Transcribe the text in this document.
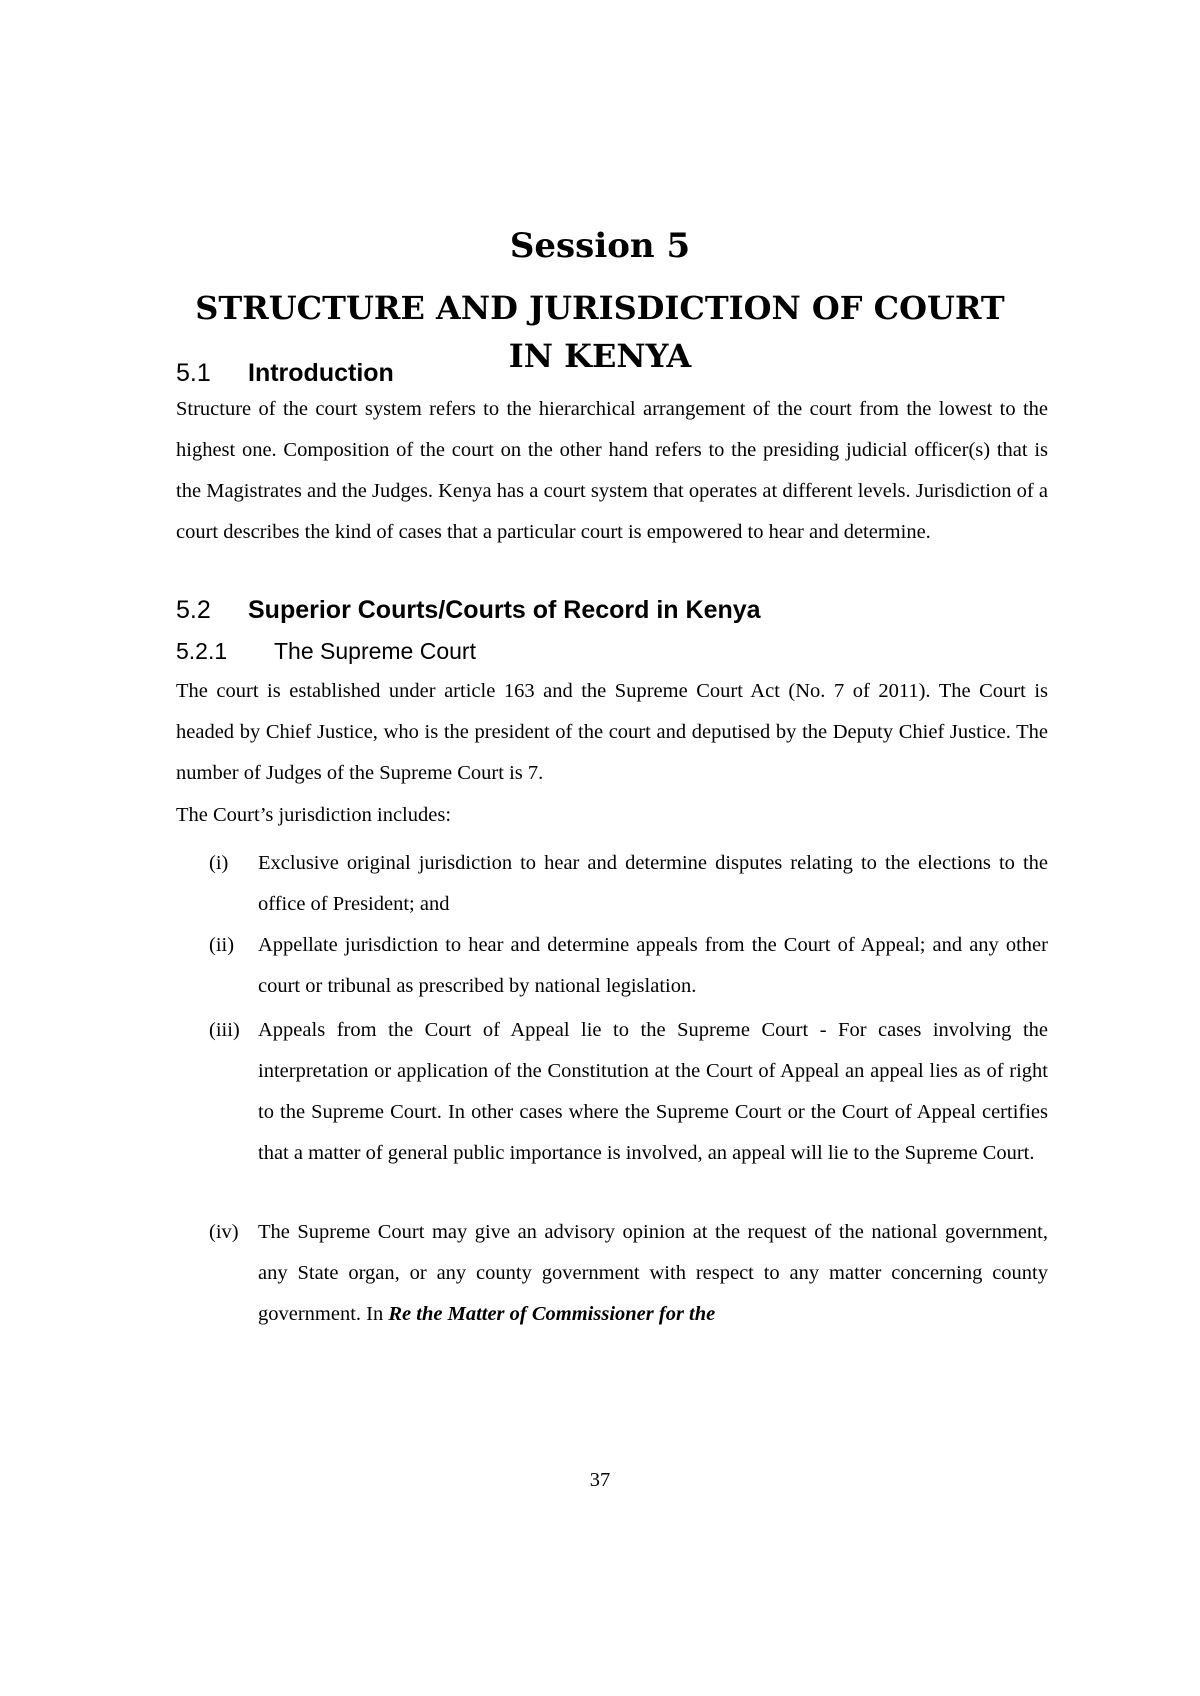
Session 5
STRUCTURE AND JURISDICTION OF COURT IN KENYA
5.1 Introduction

Structure of the court system refers to the hierarchical arrangement of the court from the lowest to the highest one. Composition of the court on the other hand refers to the presiding judicial officer(s) that is the Magistrates and the Judges. Kenya has a court system that operates at different levels. Jurisdiction of a court describes the kind of cases that a particular court is empowered to hear and determine.

5.2 Superior Courts/Courts of Record in Kenya
5.2.1 The Supreme Court

The court is established under article 163 and the Supreme Court Act (No. 7 of 2011). The Court is headed by Chief Justice, who is the president of the court and deputised by the Deputy Chief Justice. The number of Judges of the Supreme Court is 7.

The Court’s jurisdiction includes:

(i) Exclusive original jurisdiction to hear and determine disputes relating to the elections to the office of President; and
(ii) Appellate jurisdiction to hear and determine appeals from the Court of Appeal; and any other court or tribunal as prescribed by national legislation.
(iii) Appeals from the Court of Appeal lie to the Supreme Court - For cases involving the interpretation or application of the Constitution at the Court of Appeal an appeal lies as of right to the Supreme Court. In other cases where the Supreme Court or the Court of Appeal certifies that a matter of general public importance is involved, an appeal will lie to the Supreme Court.
(iv) The Supreme Court may give an advisory opinion at the request of the national government, any State organ, or any county government with respect to any matter concerning county government. In Re the Matter of Commissioner for the
37
